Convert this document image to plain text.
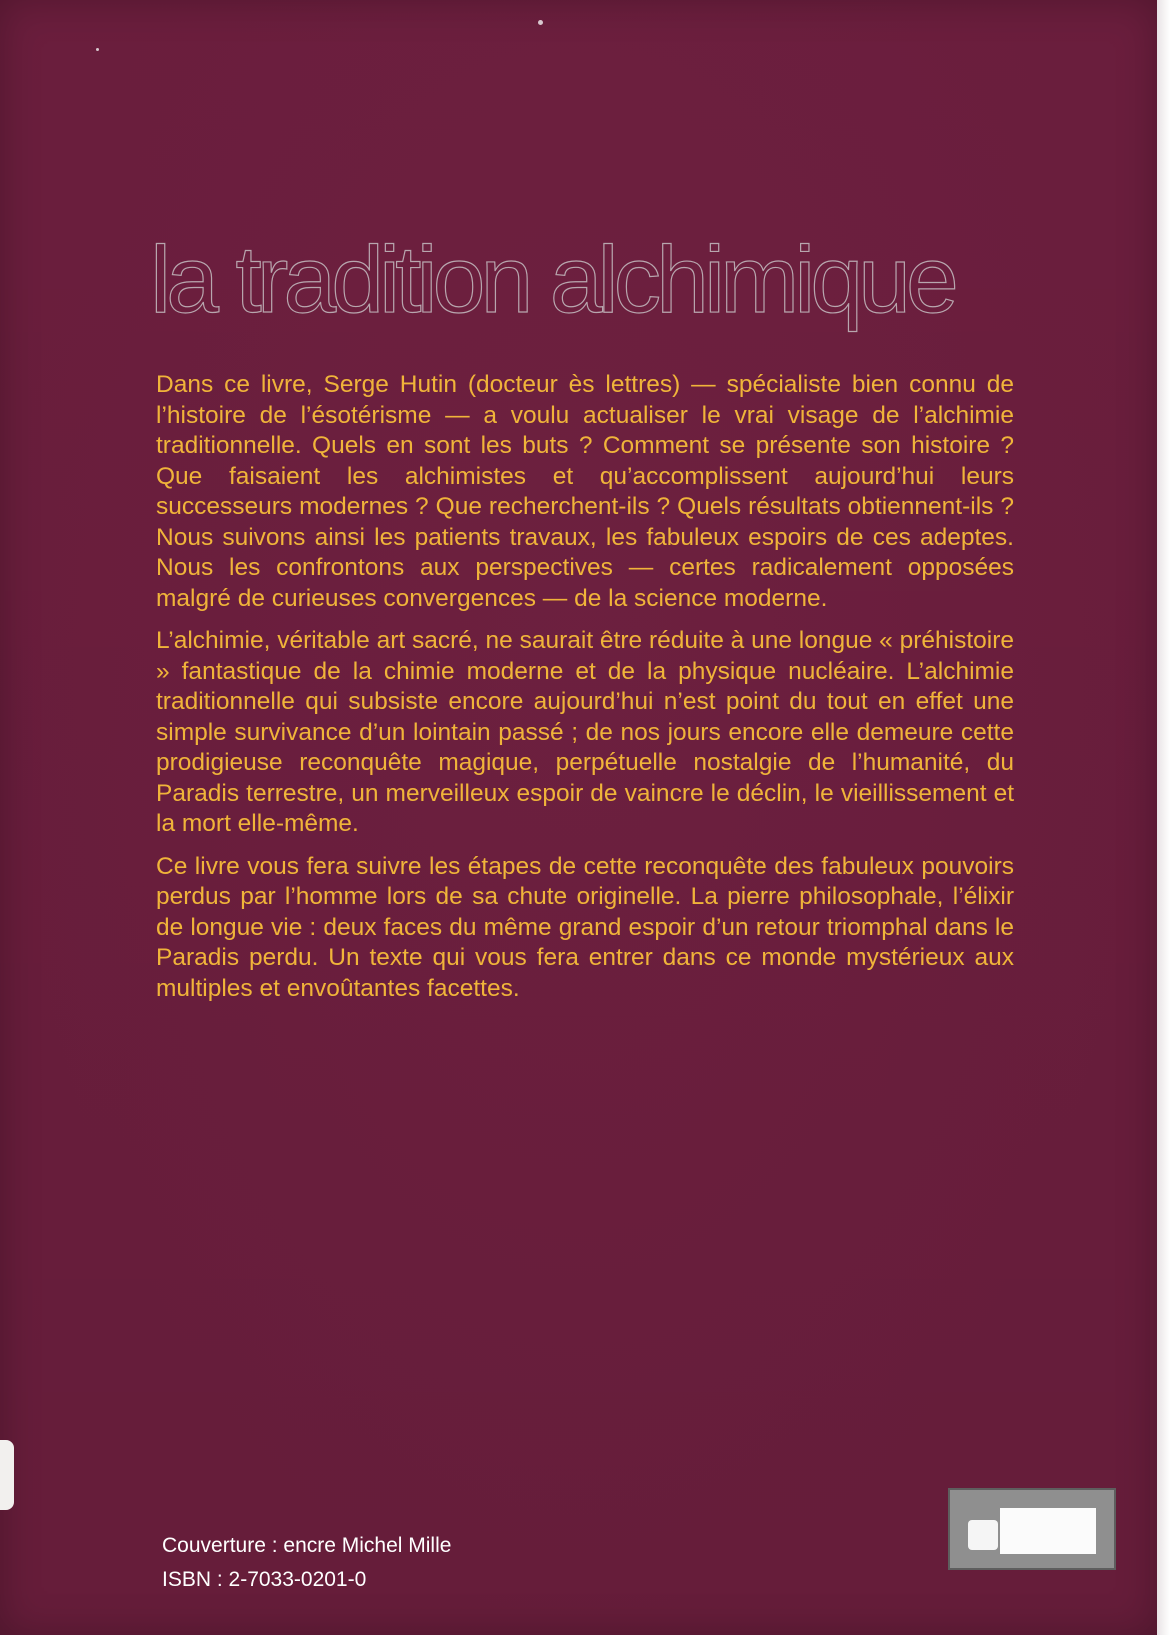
la tradition alchimique

Dans ce livre, Serge Hutin (docteur ès lettres) — spécialiste bien connu de l’histoire de l’ésotérisme — a voulu actualiser le vrai visage de l’alchimie traditionnelle. Quels en sont les buts ? Comment se présente son histoire ? Que faisaient les alchimistes et qu’accomplissent aujourd’hui leurs successeurs modernes ? Que recherchent-ils ? Quels résultats obtiennent-ils ? Nous suivons ainsi les patients travaux, les fabuleux espoirs de ces adeptes. Nous les confrontons aux perspectives — certes radicalement opposées malgré de curieuses convergences — de la science moderne.

L’alchimie, véritable art sacré, ne saurait être réduite à une longue « préhistoire » fantastique de la chimie moderne et de la physique nucléaire. L’alchimie traditionnelle qui subsiste encore aujourd’hui n’est point du tout en effet une simple survivance d’un lointain passé ; de nos jours encore elle demeure cette prodigieuse reconquête magique, perpétuelle nostalgie de l’humanité, du Paradis terrestre, un merveilleux espoir de vaincre le déclin, le vieillissement et la mort elle-même.

Ce livre vous fera suivre les étapes de cette reconquête des fabuleux pouvoirs perdus par l’homme lors de sa chute originelle. La pierre philosophale, l’élixir de longue vie : deux faces du même grand espoir d’un retour triomphal dans le Paradis perdu. Un texte qui vous fera entrer dans ce monde mystérieux aux multiples et envoûtantes facettes.

Couverture : encre Michel Mille
ISBN : 2-7033-0201-0
